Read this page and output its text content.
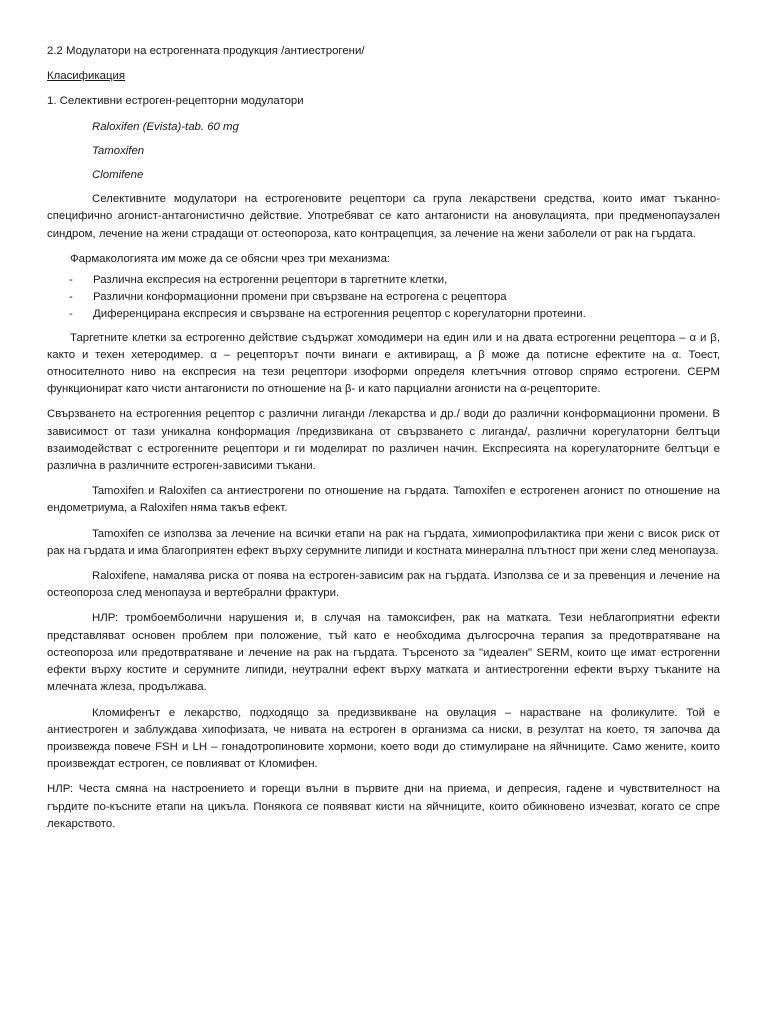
2.2 Модулатори на естрогенната продукция /антиестрогени/

Класификация

1. Селективни естроген-рецепторни модулатори

Raloxifen (Evista)-tab. 60 mg

Tamoxifen

Clomifene

Селективните модулатори на естрогеновите рецептори са група лекарствени средства, които имат тъканно-специфично агонист-антагонистично действие. Употребяват се като антагонисти на ановулацията, при предменопаузален синдром, лечение на жени страдащи от остеопороза, като контрацепция, за лечение на жени заболели от рак на гърдата.

Фармакологията им може да се обясни чрез три механизма:

- Различна експресия на естрогенни рецептори в таргетните клетки,
- Различни конформационни промени при свързване на естрогена с рецептора
- Диференцирана експресия и свързване на естрогенния рецептор с корегулаторни протеини.

Таргетните клетки за естрогенно действие съдържат хомодимери на един или и на двата естрогенни рецептора – α и β, както и техен хетеродимер. α – рецепторът почти винаги е активиращ, а β може да потисне ефектите на α. Тоест, относителното ниво на експресия на тези рецептори изоформи определя клетъчния отговор спрямо естрогени. СЕРМ функционират като чисти антагонисти по отношение на β- и като парциални агонисти на α-рецепторите.

Свързването на естрогенния рецептор с различни лиганди /лекарства и др./ води до различни конформационни промени. В зависимост от тази уникална конформация /предизвикана от свързването с лиганда/, различни корегулаторни белтъци взаимодействат с естрогенните рецептори и ги моделират по различен начин. Експресията на корегулаторните белтъци е различна в различните естроген-зависими тъкани.

Tamoxifen и Raloxifen са антиестрогени по отношение на гърдата. Tamoxifen е естрогенен агонист по отношение на ендометриума, а Raloxifen няма такъв ефект.

Tamoxifen се използва за лечение на всички етапи на рак на гърдата, химиопрофилактика при жени с висок риск от рак на гърдата и има благоприятен ефект върху серумните липиди и костната минерална плътност при жени след менопауза.

Raloxifene, намалява риска от поява на естроген-зависим рак на гърдата. Използва се и за превенция и лечение на остеопороза след менопауза и вертебрални фрактури.

НЛР: тромбоемболични нарушения и, в случая на тамоксифен, рак на матката. Тези неблагоприятни ефекти представляват основен проблем при положение, тъй като е необходима дългосрочна терапия за предотвратяване на остеопороза или предотвратяване и лечение на рак на гърдата. Търсеното за "идеален" SERM, които ще имат естрогенни ефекти върху костите и серумните липиди, неутрални ефект върху матката и антиестрогенни ефекти върху тъканите на млечната жлеза, продължава.

Кломифенът е лекарство, подходящо за предизвикване на овулация – нарастване на фоликулите. Той е антиестроген и заблуждава хипофизата, че нивата на естроген в организма са ниски, в резултат на което, тя започва да произвежда повече FSH и LH – гонадотропиновите хормони, което води до стимулиране на яйчниците. Само жените, които произвеждат естроген, се повлияват от Кломифен.

НЛР: Честа смяна на настроението и горещи вълни в първите дни на приема, и депресия, гадене и чувствителност на гърдите по-късните етапи на цикъла. Понякога се появяват кисти на яйчниците, които обикновено изчезват, когато се спре лекарството.
